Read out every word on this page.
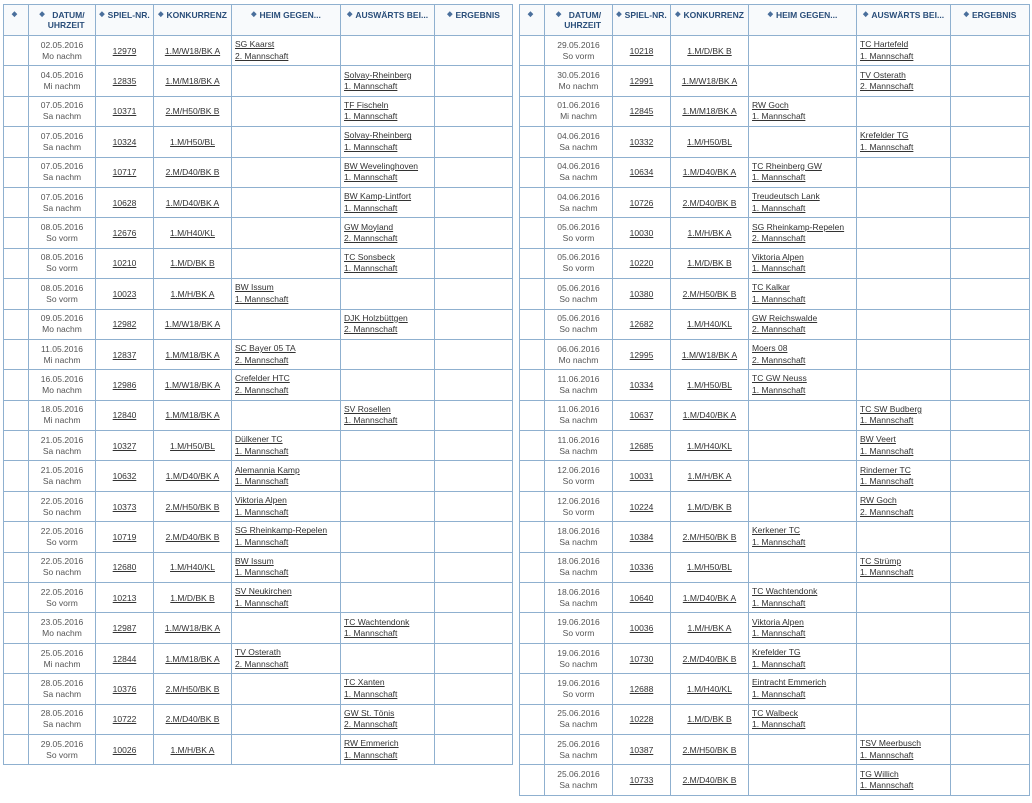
◆	◆ DATUM/
UHRZEIT	◆ SPIEL-NR.	◆ KONKURRENZ	◆ HEIM GEGEN...	◆ AUSWÄRTS BEI...	◆ ERGEBNIS
	02.05.2016
Mo nachm	12979	1.M/W18/BK A	SG Kaarst
2. Mannschaft		
	04.05.2016
Mi nachm	12835	1.M/M18/BK A		Solvay-Rheinberg
1. Mannschaft	
	07.05.2016
Sa nachm	10371	2.M/H50/BK B		TF Fischeln
1. Mannschaft	
	07.05.2016
Sa nachm	10324	1.M/H50/BL		Solvay-Rheinberg
1. Mannschaft	
	07.05.2016
Sa nachm	10717	2.M/D40/BK B		BW Wevelinghoven
1. Mannschaft	
	07.05.2016
Sa nachm	10628	1.M/D40/BK A		BW Kamp-Lintfort
1. Mannschaft	
	08.05.2016
So vorm	12676	1.M/H40/KL		GW Moyland
2. Mannschaft	
	08.05.2016
So vorm	10210	1.M/D/BK B		TC Sonsbeck
1. Mannschaft	
	08.05.2016
So vorm	10023	1.M/H/BK A	BW Issum
1. Mannschaft		
	09.05.2016
Mo nachm	12982	1.M/W18/BK A		DJK Holzbüttgen
2. Mannschaft	
	11.05.2016
Mi nachm	12837	1.M/M18/BK A	SC Bayer 05 TA
2. Mannschaft		
	16.05.2016
Mo nachm	12986	1.M/W18/BK A	Crefelder HTC
2. Mannschaft		
	18.05.2016
Mi nachm	12840	1.M/M18/BK A		SV Rosellen
1. Mannschaft	
	21.05.2016
Sa nachm	10327	1.M/H50/BL	Dülkener TC
1. Mannschaft		
	21.05.2016
Sa nachm	10632	1.M/D40/BK A	Alemannia Kamp
1. Mannschaft		
	22.05.2016
So nachm	10373	2.M/H50/BK B	Viktoria Alpen
1. Mannschaft		
	22.05.2016
So vorm	10719	2.M/D40/BK B	SG Rheinkamp-Repelen
1. Mannschaft		
	22.05.2016
So nachm	12680	1.M/H40/KL	BW Issum
1. Mannschaft		
	22.05.2016
So vorm	10213	1.M/D/BK B	SV Neukirchen
1. Mannschaft		
	23.05.2016
Mo nachm	12987	1.M/W18/BK A		TC Wachtendonk
1. Mannschaft	
	25.05.2016
Mi nachm	12844	1.M/M18/BK A	TV Osterath
2. Mannschaft		
	28.05.2016
Sa nachm	10376	2.M/H50/BK B		TC Xanten
1. Mannschaft	
	28.05.2016
Sa nachm	10722	2.M/D40/BK B		GW St. Tönis
2. Mannschaft	
	29.05.2016
So vorm	10026	1.M/H/BK A		RW Emmerich
1. Mannschaft	
◆	◆ DATUM/
UHRZEIT	◆ SPIEL-NR.	◆ KONKURRENZ	◆ HEIM GEGEN...	◆ AUSWÄRTS BEI...	◆ ERGEBNIS
	29.05.2016
So vorm	10218	1.M/D/BK B		TC Hartefeld
1. Mannschaft	
	30.05.2016
Mo nachm	12991	1.M/W18/BK A		TV Osterath
2. Mannschaft	
	01.06.2016
Mi nachm	12845	1.M/M18/BK A	RW Goch
1. Mannschaft		
	04.06.2016
Sa nachm	10332	1.M/H50/BL		Krefelder TG
1. Mannschaft	
	04.06.2016
Sa nachm	10634	1.M/D40/BK A	TC Rheinberg GW
1. Mannschaft		
	04.06.2016
Sa nachm	10726	2.M/D40/BK B	Treudeutsch Lank
1. Mannschaft		
	05.06.2016
So vorm	10030	1.M/H/BK A	SG Rheinkamp-Repelen
2. Mannschaft		
	05.06.2016
So vorm	10220	1.M/D/BK B	Viktoria Alpen
1. Mannschaft		
	05.06.2016
So nachm	10380	2.M/H50/BK B	TC Kalkar
1. Mannschaft		
	05.06.2016
So nachm	12682	1.M/H40/KL	GW Reichswalde
2. Mannschaft		
	06.06.2016
Mo nachm	12995	1.M/W18/BK A	Moers 08
2. Mannschaft		
	11.06.2016
Sa nachm	10334	1.M/H50/BL	TC GW Neuss
1. Mannschaft		
	11.06.2016
Sa nachm	10637	1.M/D40/BK A		TC SW Budberg
1. Mannschaft	
	11.06.2016
Sa nachm	12685	1.M/H40/KL		BW Veert
1. Mannschaft	
	12.06.2016
So vorm	10031	1.M/H/BK A		Rinderner TC
1. Mannschaft	
	12.06.2016
So vorm	10224	1.M/D/BK B		RW Goch
2. Mannschaft	
	18.06.2016
Sa nachm	10384	2.M/H50/BK B	Kerkener TC
1. Mannschaft		
	18.06.2016
Sa nachm	10336	1.M/H50/BL		TC Strümp
1. Mannschaft	
	18.06.2016
Sa nachm	10640	1.M/D40/BK A	TC Wachtendonk
1. Mannschaft		
	19.06.2016
So vorm	10036	1.M/H/BK A	Viktoria Alpen
1. Mannschaft		
	19.06.2016
So nachm	10730	2.M/D40/BK B	Krefelder TG
1. Mannschaft		
	19.06.2016
So vorm	12688	1.M/H40/KL	Eintracht Emmerich
1. Mannschaft		
	25.06.2016
Sa nachm	10228	1.M/D/BK B	TC Walbeck
1. Mannschaft		
	25.06.2016
Sa nachm	10387	2.M/H50/BK B		TSV Meerbusch
1. Mannschaft	
	25.06.2016
Sa nachm	10733	2.M/D40/BK B		TG Willich
1. Mannschaft	
